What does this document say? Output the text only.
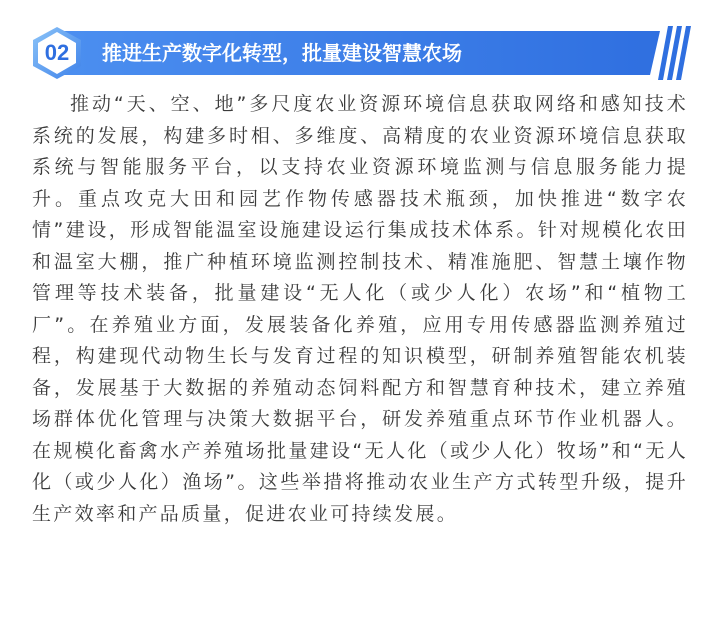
02	推进生产数字化转型，批量建设智慧农场

推动“天、空、地”多尺度农业资源环境信息获取网络和感知技术系统的发展，构建多时相、多维度、高精度的农业资源环境信息获取系统与智能服务平台，以支持农业资源环境监测与信息服务能力提升。重点攻克大田和园艺作物传感器技术瓶颈，加快推进“数字农情”建设，形成智能温室设施建设运行集成技术体系。针对规模化农田和温室大棚，推广种植环境监测控制技术、精准施肥、智慧土壤作物管理等技术装备，批量建设“无人化（或少人化）农场”和“植物工厂”。在养殖业方面，发展装备化养殖，应用专用传感器监测养殖过程，构建现代动物生长与发育过程的知识模型，研制养殖智能农机装备，发展基于大数据的养殖动态饲料配方和智慧育种技术，建立养殖场群体优化管理与决策大数据平台，研发养殖重点环节作业机器人。在规模化畜禽水产养殖场批量建设“无人化（或少人化）牧场”和“无人化（或少人化）渔场”。这些举措将推动农业生产方式转型升级，提升生产效率和产品质量，促进农业可持续发展。
